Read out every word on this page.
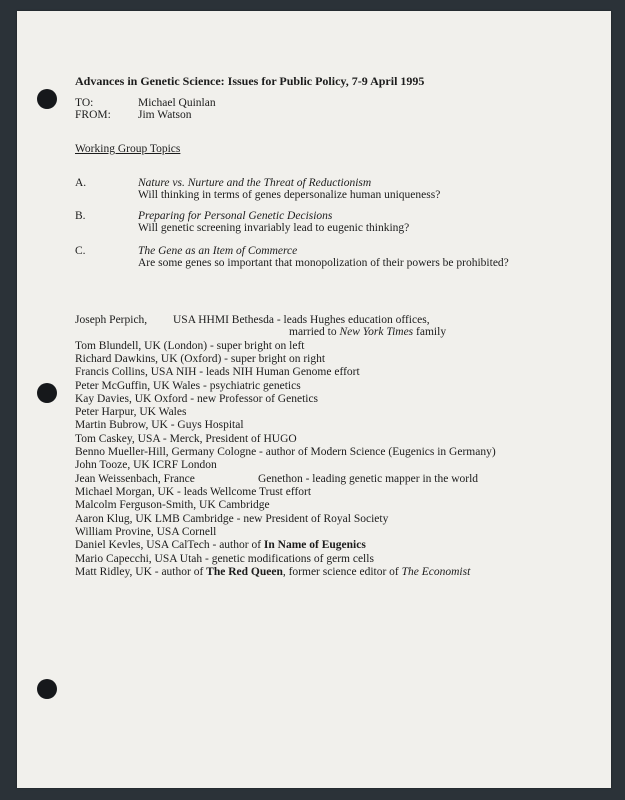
Advances in Genetic Science: Issues for Public Policy, 7-9 April 1995
TO:	Michael Quinlan
FROM: Jim Watson
Working Group Topics
A.	Nature vs. Nurture and the Threat of Reductionism
Will thinking in terms of genes depersonalize human uniqueness?
B.	Preparing for Personal Genetic Decisions
Will genetic screening invariably lead to eugenic thinking?
C.	The Gene as an Item of Commerce
Are some genes so important that monopolization of their powers be prohibited?
Joseph Perpich, USA HHMI Bethesda - leads Hughes education offices,
married to New York Times family
Tom Blundell, UK (London) - super bright on left
Richard Dawkins, UK (Oxford) - super bright on right
Francis Collins, USA NIH - leads NIH Human Genome effort
Peter McGuffin, UK Wales - psychiatric genetics
Kay Davies, UK Oxford - new Professor of Genetics
Peter Harpur, UK Wales
Martin Bubrow, UK - Guys Hospital
Tom Caskey, USA - Merck, President of HUGO
Benno Mueller-Hill, Germany Cologne - author of Modern Science (Eugenics in Germany)
John Tooze, UK ICRF London
Jean Weissenbach, France	Genethon - leading genetic mapper in the world
Michael Morgan, UK - leads Wellcome Trust effort
Malcolm Ferguson-Smith, UK Cambridge
Aaron Klug, UK LMB Cambridge - new President of Royal Society
William Provine, USA Cornell
Daniel Kevles, USA CalTech - author of In Name of Eugenics
Mario Capecchi, USA Utah - genetic modifications of germ cells
Matt Ridley, UK - author of The Red Queen, former science editor of The Economist
